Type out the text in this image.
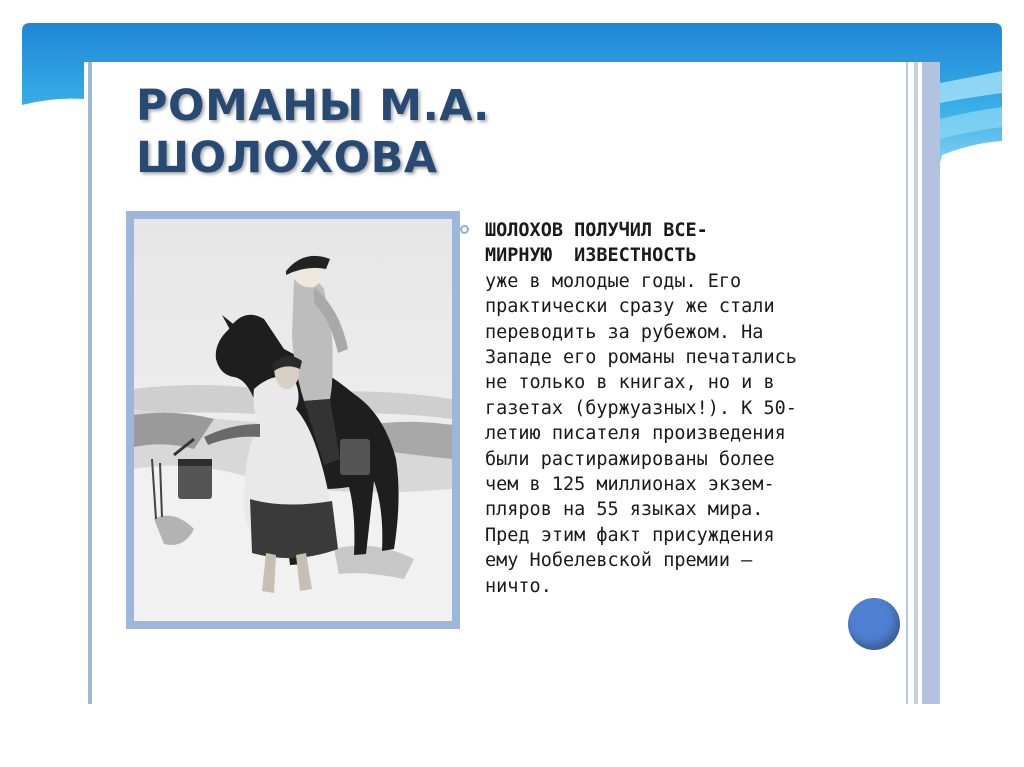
РОМАНЫ М.А.
ШОЛОХОВА
ШОЛОХОВ ПОЛУЧИЛ ВСЕ-
МИРНУЮ  ИЗВЕСТНОСТЬ
уже в молодые годы. Его
практически сразу же стали
переводить за рубежом. На
Западе его романы печатались
не только в книгах, но и в
газетах (буржуазных!). К 50-
летию писателя произведения
были растиражированы более
чем в 125 миллионах экзем-
пляров на 55 языках мира.
Пред этим факт присуждения
ему Нобелевской премии —
ничто.
